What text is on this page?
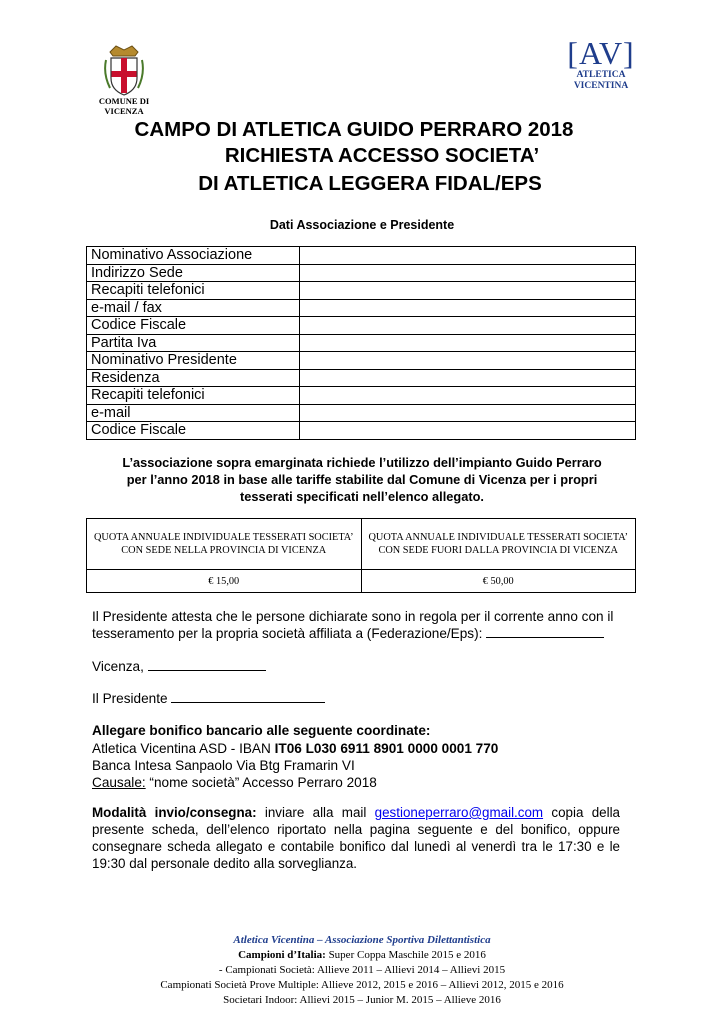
COMUNE DI VICENZA
[AV]
ATLETICA
VICENTINA
CAMPO DI ATLETICA GUIDO PERRARO 2018
RICHIESTA ACCESSO SOCIETA’
DI ATLETICA LEGGERA FIDAL/EPS
Dati Associazione e Presidente
Nominativo Associazione	
Indirizzo Sede	
Recapiti telefonici	
e-mail / fax	
Codice Fiscale	
Partita Iva	
Nominativo Presidente	
Residenza	
Recapiti telefonici	
e-mail	
Codice Fiscale	
L’associazione sopra emarginata richiede l’utilizzo dell’impianto Guido Perraro
per l’anno 2018 in base alle tariffe stabilite dal Comune di Vicenza per i propri
tesserati specificati nell’elenco allegato.
QUOTA ANNUALE INDIVIDUALE TESSERATI SOCIETA’ CON SEDE NELLA PROVINCIA DI VICENZA	QUOTA ANNUALE INDIVIDUALE TESSERATI SOCIETA’ CON SEDE FUORI DALLA PROVINCIA DI VICENZA
€ 15,00	€ 50,00
Il Presidente attesta che le persone dichiarate sono in regola per il corrente anno con il
tesseramento per la propria società affiliata a (Federazione/Eps):
Vicenza,
Il Presidente
Allegare bonifico bancario alle seguente coordinate:
Atletica Vicentina ASD - IBAN IT06 L030 6911 8901 0000 0001 770
Banca Intesa Sanpaolo Via Btg Framarin VI
Causale: “nome società” Accesso Perraro 2018
Modalità invio/consegna: inviare alla mail gestioneperraro@gmail.com copia della presente scheda, dell’elenco riportato nella pagina seguente e del bonifico, oppure consegnare scheda allegato e contabile bonifico dal lunedì al venerdì tra le 17:30 e le 19:30 dal personale dedito alla sorveglianza.
Atletica Vicentina – Associazione Sportiva Dilettantistica
Campioni d’Italia: Super Coppa Maschile 2015 e 2016
- Campionati Società: Allieve 2011 – Allievi 2014 – Allievi 2015
Campionati Società Prove Multiple: Allieve 2012, 2015 e 2016 – Allievi 2012, 2015 e 2016
Societari Indoor: Allievi 2015 – Junior M. 2015 – Allieve 2016
